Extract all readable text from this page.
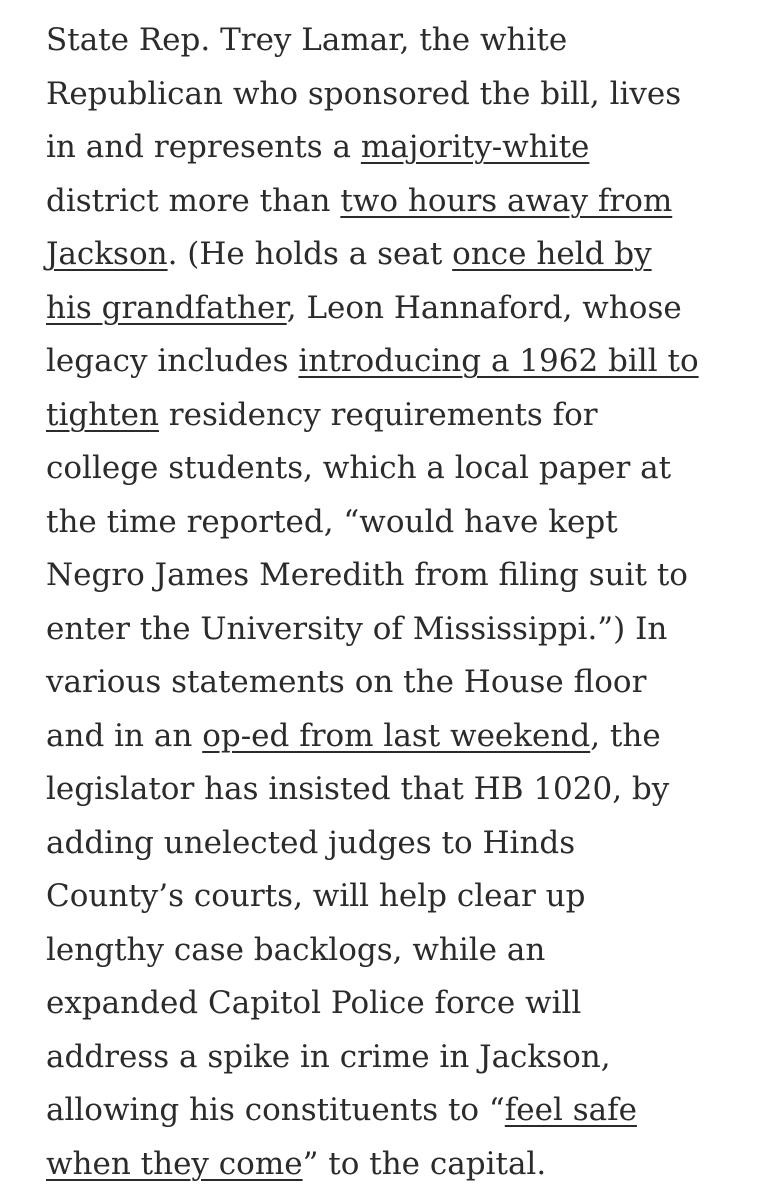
State Rep. Trey Lamar, the white
Republican who sponsored the bill, lives
in and represents a majority-white
district more than two hours away from
Jackson. (He holds a seat once held by
his grandfather, Leon Hannaford, whose
legacy includes introducing a 1962 bill to
tighten residency requirements for
college students, which a local paper at
the time reported, “would have kept
Negro James Meredith from filing suit to
enter the University of Mississippi.”) In
various statements on the House floor
and in an op-ed from last weekend, the
legislator has insisted that HB 1020, by
adding unelected judges to Hinds
County’s courts, will help clear up
lengthy case backlogs, while an
expanded Capitol Police force will
address a spike in crime in Jackson,
allowing his constituents to “feel safe
when they come” to the capital.
